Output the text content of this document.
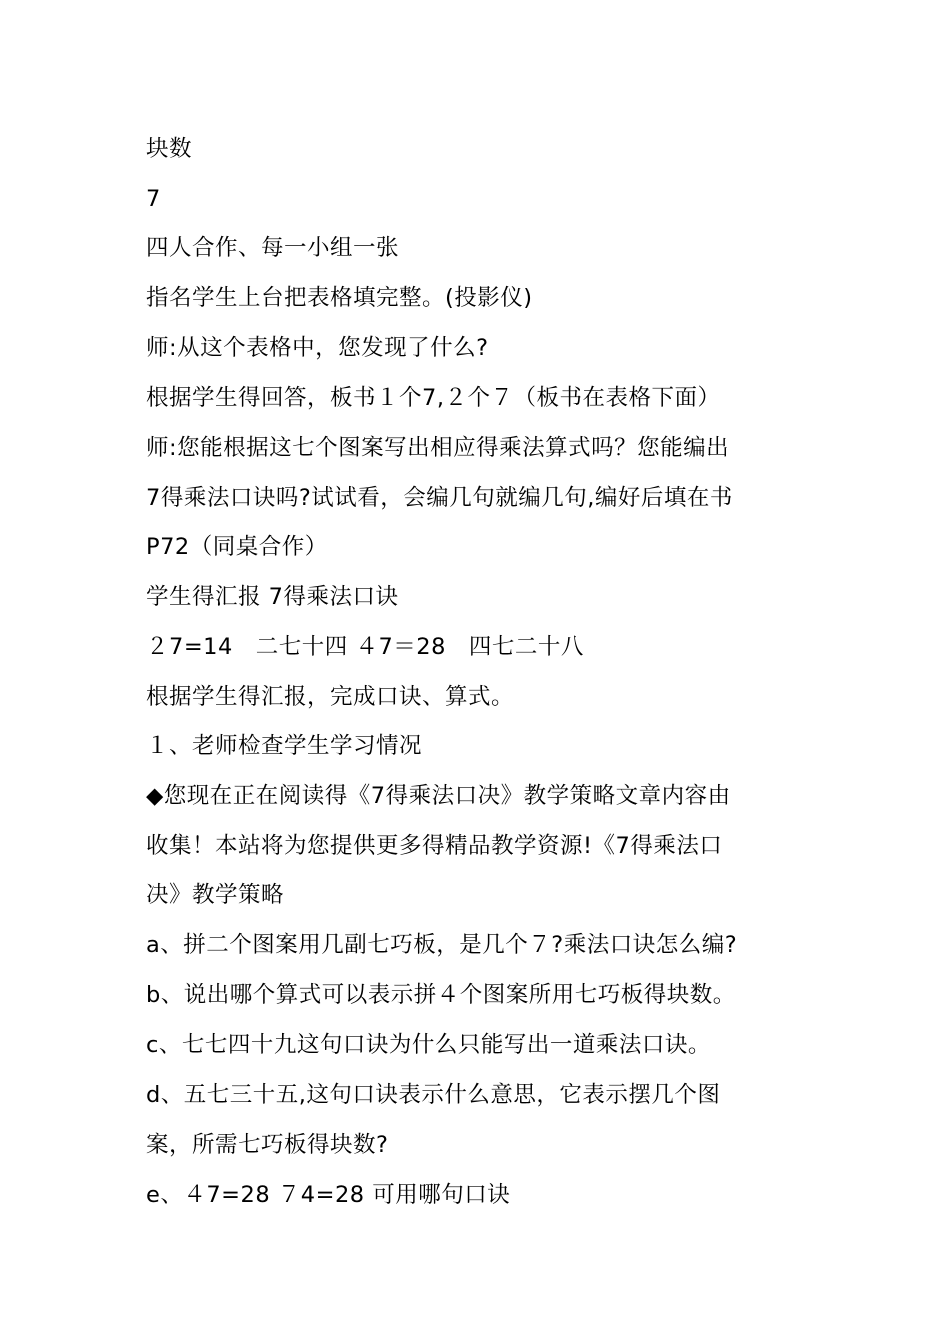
块数
7
四人合作、每一小组一张
指名学生上台把表格填完整。(投影仪)
师:从这个表格中，您发现了什么?
根据学生得回答，板书１个7,２个７（板书在表格下面）
师:您能根据这七个图案写出相应得乘法算式吗？您能编出
7得乘法口诀吗?试试看，会编几句就编几句,编好后填在书
P72（同桌合作）
学生得汇报 7得乘法口诀
２7=14　二七十四 ４7＝28　四七二十八
根据学生得汇报，完成口诀、算式。
１、老师检查学生学习情况
◆您现在正在阅读得《7得乘法口决》教学策略文章内容由
收集！本站将为您提供更多得精品教学资源!《7得乘法口
决》教学策略
a、拼二个图案用几副七巧板，是几个７?乘法口诀怎么编?
b、说出哪个算式可以表示拼４个图案所用七巧板得块数。
c、七七四十九这句口诀为什么只能写出一道乘法口诀。
d、五七三十五,这句口诀表示什么意思，它表示摆几个图
案，所需七巧板得块数?
e、４7=28 ７4=28 可用哪句口诀
